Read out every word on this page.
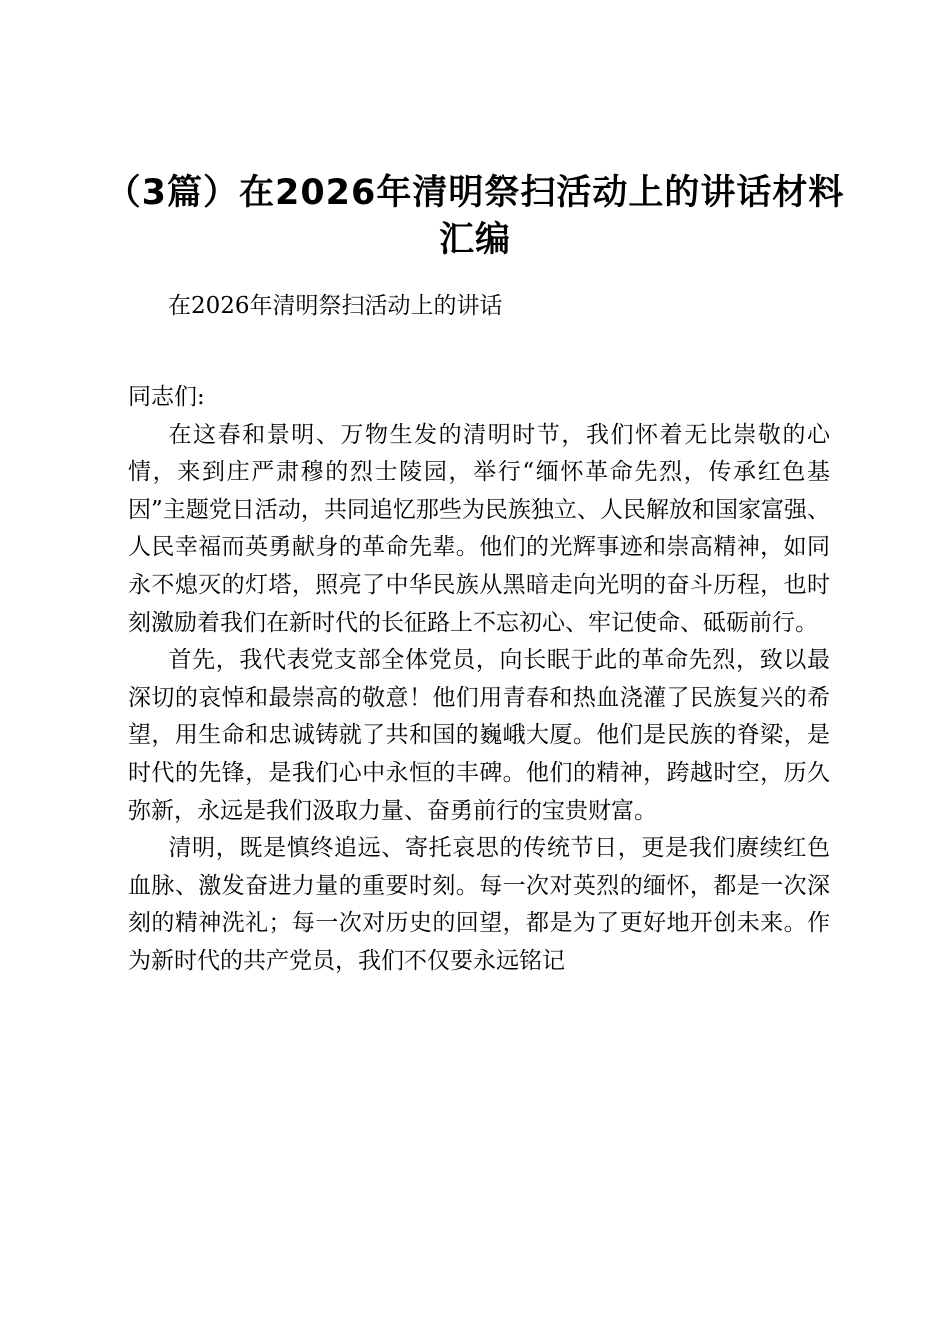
（3篇）在2026年清明祭扫活动上的讲话材料汇编
在2026年清明祭扫活动上的讲话

同志们:

在这春和景明、万物生发的清明时节，我们怀着无比崇敬的心情，来到庄严肃穆的烈士陵园，举行“缅怀革命先烈，传承红色基因”主题党日活动，共同追忆那些为民族独立、人民解放和国家富强、人民幸福而英勇献身的革命先辈。他们的光辉事迹和崇高精神，如同永不熄灭的灯塔，照亮了中华民族从黑暗走向光明的奋斗历程，也时刻激励着我们在新时代的长征路上不忘初心、牢记使命、砥砺前行。

首先，我代表党支部全体党员，向长眠于此的革命先烈，致以最深切的哀悼和最崇高的敬意！他们用青春和热血浇灌了民族复兴的希望，用生命和忠诚铸就了共和国的巍峨大厦。他们是民族的脊梁，是时代的先锋，是我们心中永恒的丰碑。他们的精神，跨越时空，历久弥新，永远是我们汲取力量、奋勇前行的宝贵财富。

清明，既是慎终追远、寄托哀思的传统节日，更是我们赓续红色血脉、激发奋进力量的重要时刻。每一次对英烈的缅怀，都是一次深刻的精神洗礼；每一次对历史的回望，都是为了更好地开创未来。作为新时代的共产党员，我们不仅要永远铭记
